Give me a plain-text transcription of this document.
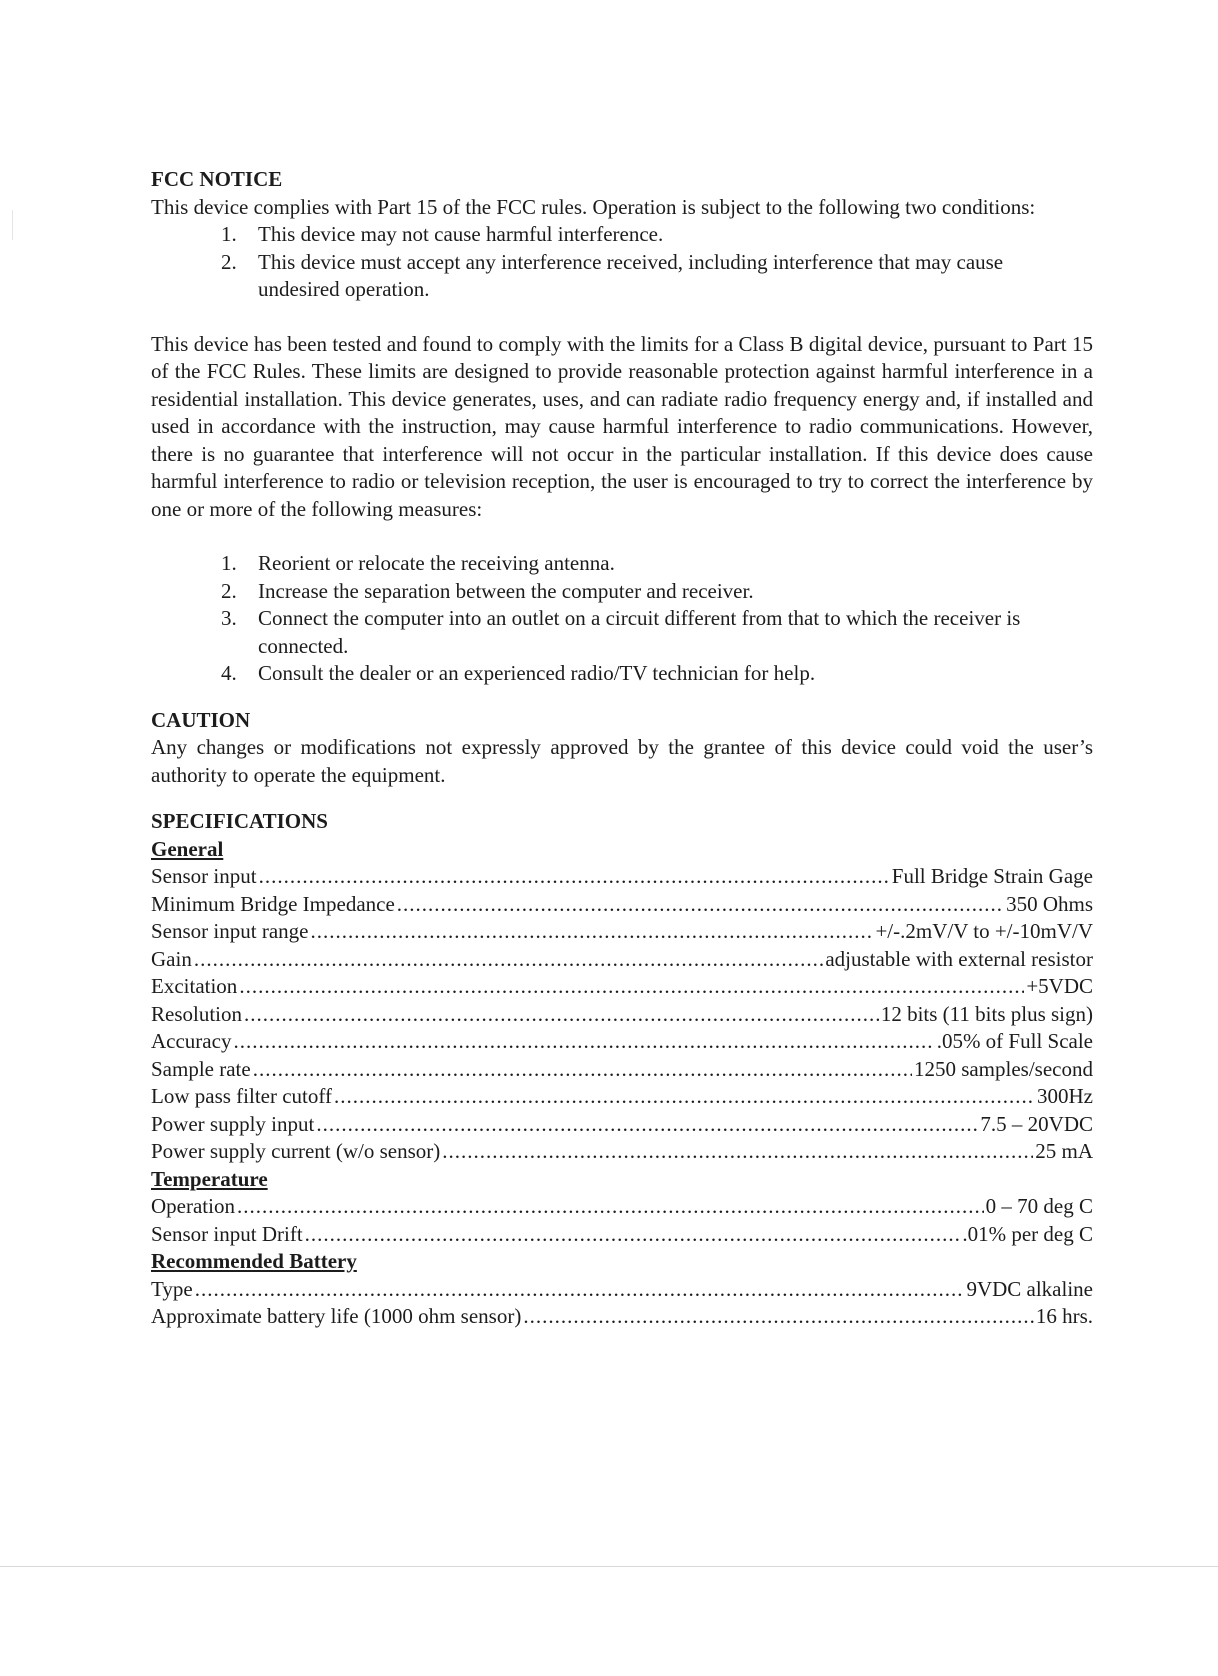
FCC NOTICE

This device complies with Part 15 of the FCC rules. Operation is subject to the following two conditions:

1. This device may not cause harmful interference.
2. This device must accept any interference received, including interference that may cause undesired operation.

This device has been tested and found to comply with the limits for a Class B digital device, pursuant to Part 15 of the FCC Rules. These limits are designed to provide reasonable protection against harmful interference in a residential installation. This device generates, uses, and can radiate radio frequency energy and, if installed and used in accordance with the instruction, may cause harmful interference to radio communications. However, there is no guarantee that interference will not occur in the particular installation. If this device does cause harmful interference to radio or television reception, the user is encouraged to try to correct the interference by one or more of the following measures:

1. Reorient or relocate the receiving antenna.
2. Increase the separation between the computer and receiver.
3. Connect the computer into an outlet on a circuit different from that to which the receiver is connected.
4. Consult the dealer or an experienced radio/TV technician for help.
CAUTION

Any changes or modifications not expressly approved by the grantee of this device could void the user’s authority to operate the equipment.

SPECIFICATIONS
General
Sensor input .....	Full Bridge Strain Gage
Minimum Bridge Impedance .....	350 Ohms
Sensor input range .....	+/-.2mV/V to +/-10mV/V
Gain .....	adjustable with external resistor
Excitation .....	+5VDC
Resolution .....	12 bits (11 bits plus sign)
Accuracy .....	.05% of Full Scale
Sample rate .....	1250 samples/second
Low pass filter cutoff .....	300Hz
Power supply input .....	7.5 – 20VDC
Power supply current (w/o sensor) .....	25 mA
Temperature
Operation .....	0 – 70 deg C
Sensor input Drift .....	.01% per deg C
Recommended Battery
Type .....	9VDC alkaline
Approximate battery life (1000 ohm sensor) .....	16 hrs.
